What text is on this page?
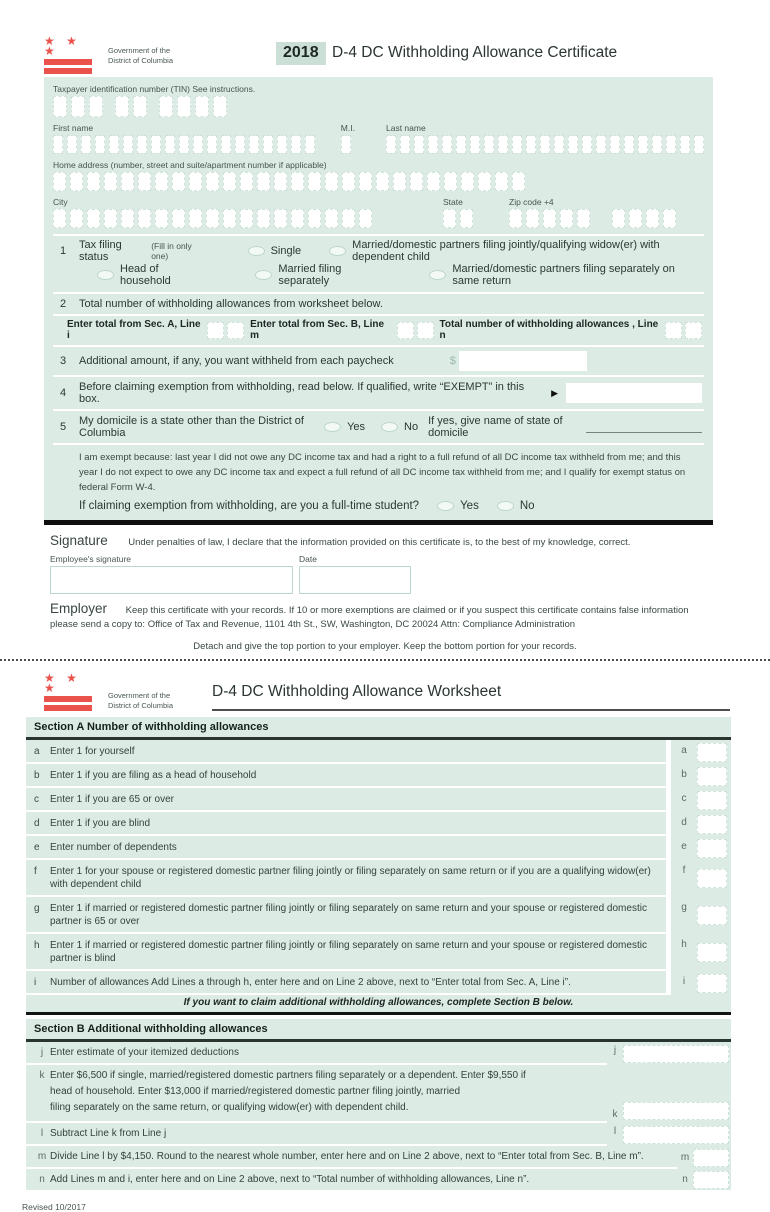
★ ★ ★	Government of the
District of Columbia	2018 D-4 DC Withholding Allowance Certificate
Taxpayer identification number (TIN) See instructions.
First name	M.I.	Last name
Home address (number, street and suite/apartment number if applicable)
City	State	Zip code +4
1	Tax filing status
(Fill in only one)	Single	Married/domestic partners filing jointly/qualifying widow(er) with dependent child
Head of household
Married filing separately
Married/domestic partners filing separately on same return
2	Total number of withholding allowances from worksheet below.
Enter total from Sec. A, Line i
Enter total from Sec. B, Line m
Total number of withholding allowances , Line n
3	Additional amount, if any, you want withheld from each paycheck	$
4	Before claiming exemption from withholding, read below. If qualified, write “EXEMPT” in this box.
▶
5	My domicile is a state other than the District of Columbia	Yes	No If yes, give name of state of domicile
I am exempt because: last year I did not owe any DC income tax and had a right to a full refund of all DC income tax withheld from me; and this year I do not expect to owe any DC income tax and expect a full refund of all DC income tax withheld from me; and I qualify for exempt status on federal Form W-4.
If claiming exemption from withholding, are you a full-time student?	Yes	No
Signature Under penalties of law, I declare that the information provided on this certificate is, to the best of my knowledge, correct.
Employee's signature	Date
Employer Keep this certificate with your records. If 10 or more exemptions are claimed or if you suspect this certificate contains false information
please send a copy to: Office of Tax and Revenue, 1101 4th St., SW, Washington, DC 20024 Attn: Compliance Administration
Detach and give the top portion to your employer. Keep the bottom portion for your records.
★ ★ ★
Government of the
District of Columbia
D-4 DC Withholding Allowance Worksheet
Section A Number of withholding allowances
a	Enter 1 for yourself	a
b	Enter 1 if you are filing as a head of household	b
c	Enter 1 if you are 65 or over	c
d	Enter 1 if you are blind	d
e	Enter number of dependents	e
f	Enter 1 for your spouse or registered domestic partner filing jointly or filing separately on same return or if you are a qualifying widow(er) with dependent child
f
g	Enter 1 if married or registered domestic partner filing jointly or filing separately on same return and your spouse or registered domestic partner is 65 or over
g
h	Enter 1 if married or registered domestic partner filing jointly or filing separately on same return and your spouse or registered domestic partner is blind
h
i	Number of allowances Add Lines a through h, enter here and on Line 2 above, next to “Enter total from Sec. A, Line i”.	i
If you want to claim additional withholding allowances, complete Section B below.
Section B Additional withholding allowances
j Enter estimate of your itemized deductions	j
k Enter $6,500 if single, married/registered domestic partners filing separately or a dependent. Enter $9,550 if
head of household. Enter $13,000 if married/registered domestic partner filing jointly, married
filing separately on the same return, or qualifying widow(er) with dependent child.
k
l Subtract Line k from Line j	l
m Divide Line l by $4,150. Round to the nearest whole number, enter here and on Line 2 above, next to “Enter total from Sec. B, Line m”.	m
n Add Lines m and i, enter here and on Line 2 above, next to “Total number of withholding allowances, Line n”.	n
Revised 10/2017
